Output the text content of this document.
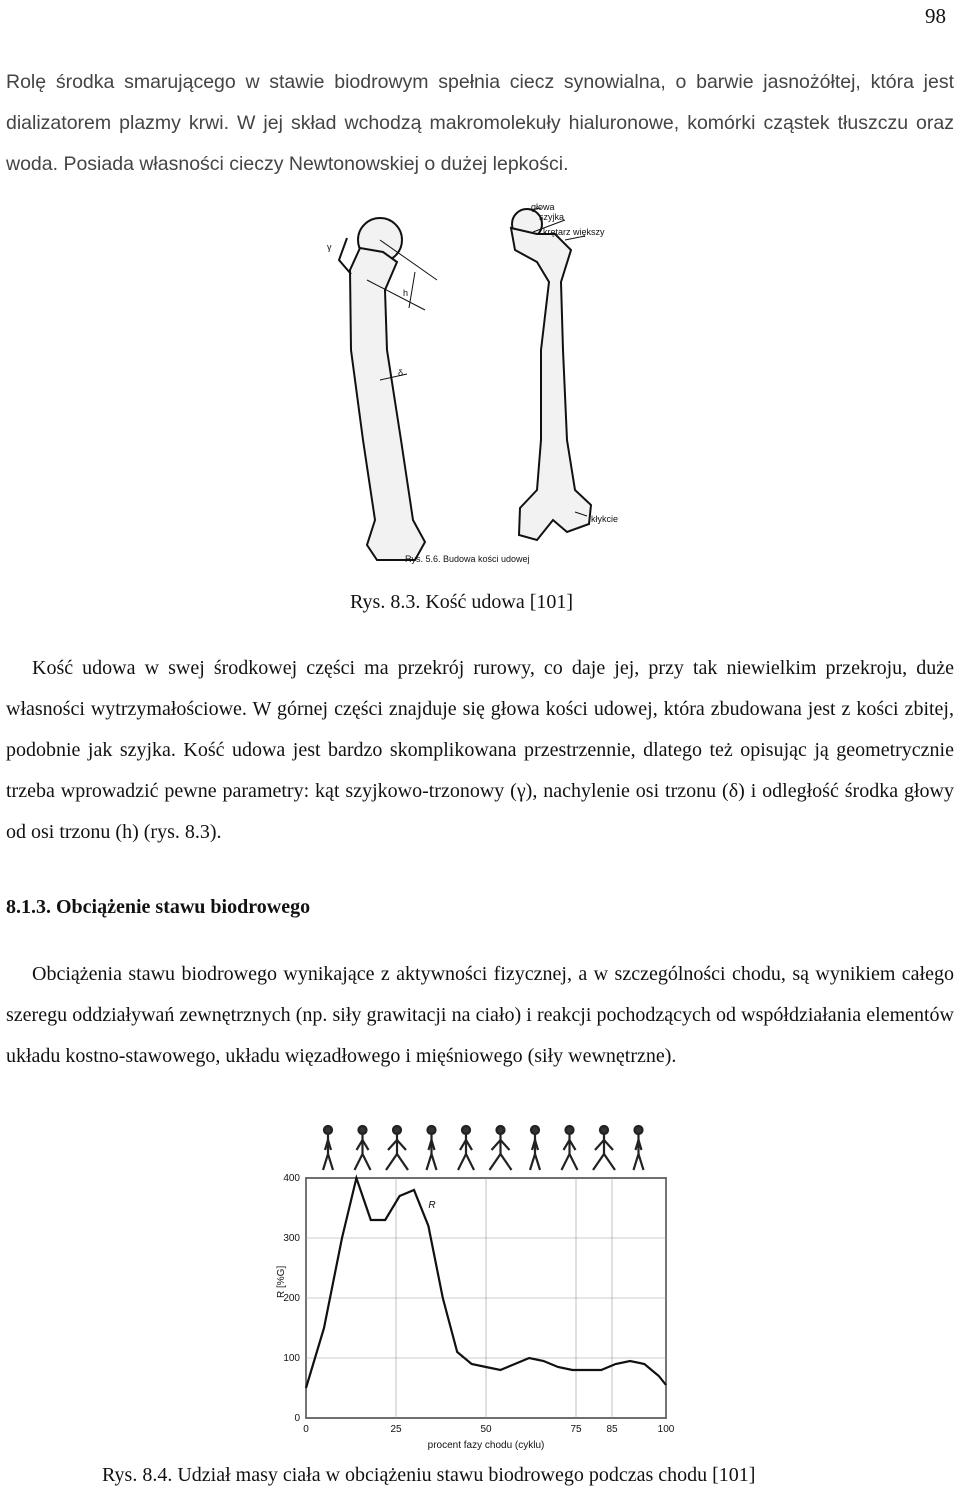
98

Rolę środka smarującego w stawie biodrowym spełnia ciecz synowialna, o barwie jasnożółtej, która jest dializatorem plazmy krwi. W jej skład wchodzą makromolekuły hialuronowe, komórki cząstek tłuszczu oraz woda. Posiada własności cieczy Newtonowskiej o dużej lepkości.

γ
h
δ
głowa
szyjka
krętarz większy
kłykcie
Rys. 5.6. Budowa kości udowej
Rys. 8.3. Kość udowa [101]

Kość udowa w swej środkowej części ma przekrój rurowy, co daje jej, przy tak niewielkim przekroju, duże własności wytrzymałościowe. W górnej części znajduje się głowa kości udowej, która zbudowana jest z kości zbitej, podobnie jak szyjka. Kość udowa jest bardzo skomplikowana przestrzennie, dlatego też opisując ją geometrycznie trzeba wprowadzić pewne parametry: kąt szyjkowo-trzonowy (γ), nachylenie osi trzonu (δ) i odległość środka głowy od osi trzonu (h) (rys. 8.3).

8.1.3. Obciążenie stawu biodrowego

Obciążenia stawu biodrowego wynikające z aktywności fizycznej, a w szczególności chodu, są wynikiem całego szeregu oddziaływań zewnętrznych (np. siły grawitacji na ciało) i reakcji pochodzących od współdziałania elementów układu kostno-stawowego, układu więzadłowego i mięśniowego (siły wewnętrzne).

400
300
200
100
0
0	25	50	75 85	100
R
R [%G]
procent fazy chodu (cyklu)
Rys. 8.4. Udział masy ciała w obciążeniu stawu biodrowego podczas chodu [101]
